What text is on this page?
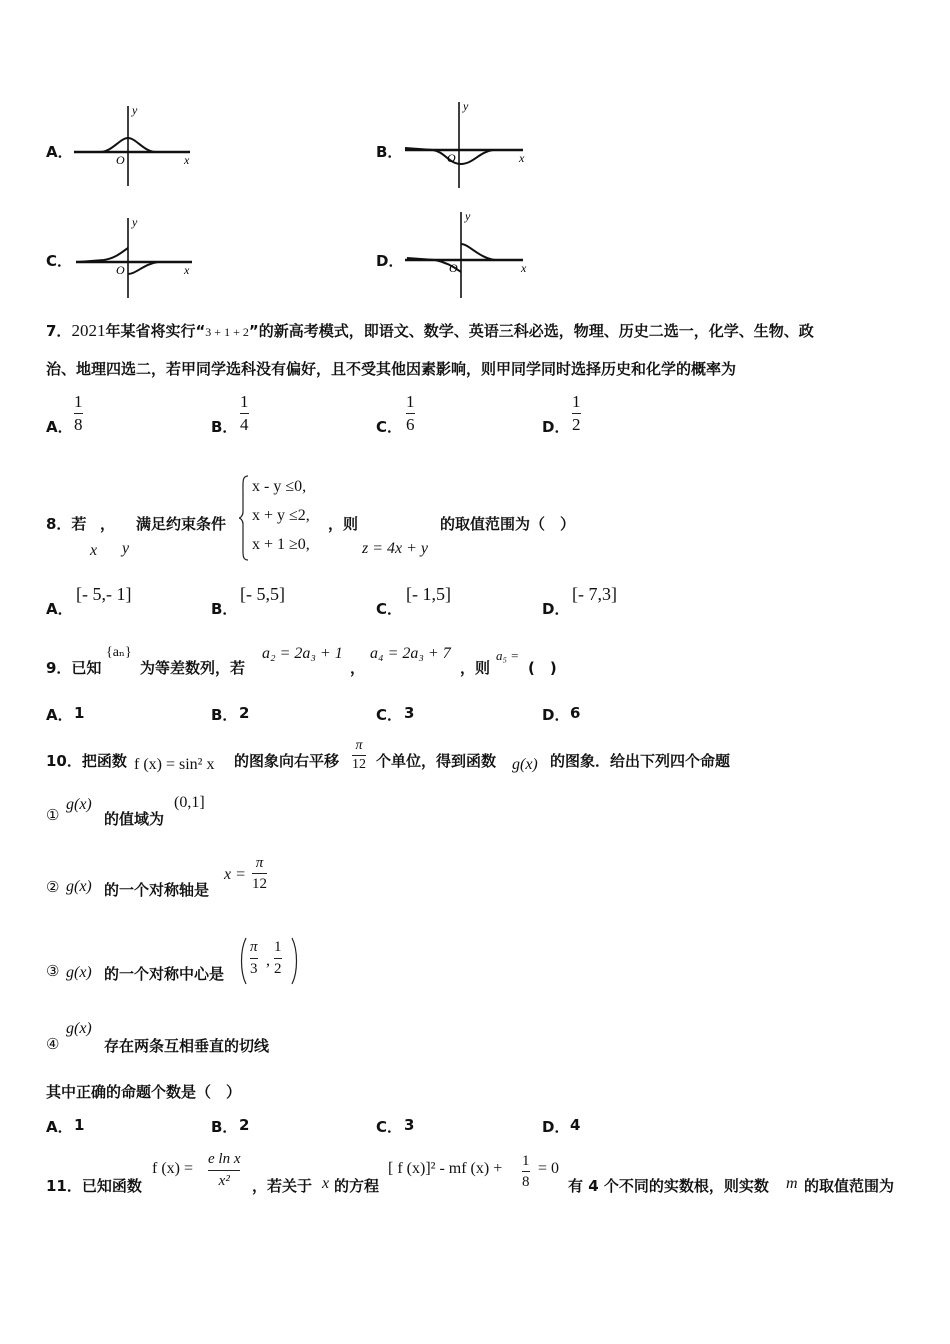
A．
y
x
O	B．
y
x
O
C．
y
x
O	D．
y
x
O
7．2021年某省将实行“3 + 1 + 2”的新高考模式，即语文、数学、英语三科必选，物理、历史二选一，化学、生物、政
治、地理四选二，若甲同学选科没有偏好，且不受其他因素影响，则甲同学同时选择历史和化学的概率为
A．
1
8	B．
1
4	C．
1
6	D．
1
2
8．若 ， 满足约束条件
x y
x - y ≤0,
x + y ≤2,
x + 1 ≥0,
，则
z = 4x + y
的取值范围为（　）
A．
[- 5,- 1]
B．
[- 5,5]
C．
[- 1,5]
D．
[- 7,3]
9．已知
{aₙ}
为等差数列，若
a₂ = 2a₃ + 1
，
a₄ = 2a₃ + 7
，则
a₅ =
(　)
A． 1	B． 2	C． 3	D． 6
10．把函数 f (x) = sin² x 的图象向右平移
π
12 个单位，得到函数 g(x) 的图象．给出下列四个命题
①
g(x)
的值域为
(0,1]
② g(x) 的一个对称轴是
x =
π
12
③ g(x) 的一个对称中心是
π
3 ,
1
2
④
g(x)
存在两条互相垂直的切线
其中正确的命题个数是（　）
A． 1	B． 2	C． 3	D． 4
11．已知函数
f (x) =
e ln x
x² ，若关于 x 的方程
[ f (x)]² - mf (x) + 1
8
= 0
有 4 个不同的实数根，则实数 m 的取值范围为
